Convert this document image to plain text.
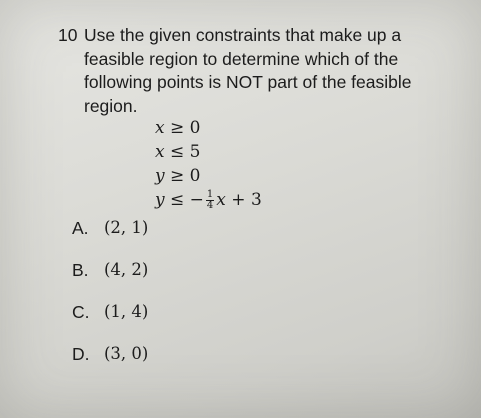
10 Use the given constraints that make up a feasible region to determine which of the following points is NOT part of the feasible region.
x ≥ 0
x ≤ 5
y ≥ 0
y ≤ − $\frac{1}{4}$ x + 3
A. (2, 1)
B. (4, 2)
C. (1, 4)
D. (3, 0)
